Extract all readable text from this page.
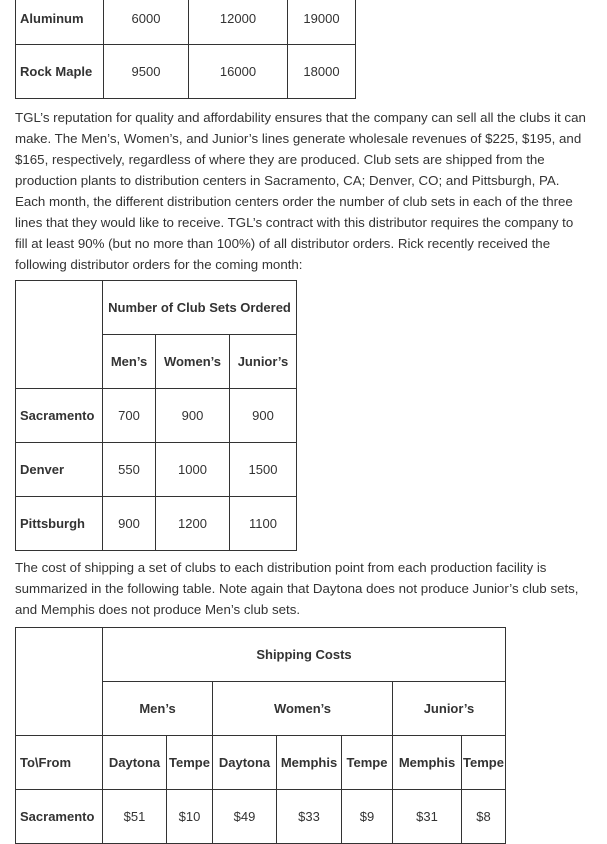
Aluminum	6000	12000	19000
Rock Maple	9500	16000	18000

TGL’s reputation for quality and affordability ensures that the company can sell all the clubs it can make. The Men’s, Women’s, and Junior’s lines generate wholesale revenues of $225, $195, and $165, respectively, regardless of where they are produced. Club sets are shipped from the production plants to distribution centers in Sacramento, CA; Denver, CO; and Pittsburgh, PA. Each month, the different distribution centers order the number of club sets in each of the three lines that they would like to receive. TGL’s contract with this distributor requires the company to fill at least 90% (but no more than 100%) of all distributor orders. Rick recently received the following distributor orders for the coming month:

	Number of Club Sets Ordered		
	Men’s	Women’s	Junior’s
Sacramento	700	900	900
Denver	550	1000	1500
Pittsburgh	900	1200	1100

The cost of shipping a set of clubs to each distribution point from each production facility is summarized in the following table. Note again that Daytona does not produce Junior’s club sets, and Memphis does not produce Men’s club sets.

	Shipping Costs						
	Men’s		Women’s			Junior’s	
To\From	Daytona	Tempe	Daytona	Memphis	Tempe	Memphis	Tempe
Sacramento	$51	$10	$49	$33	$9	$31	$8
